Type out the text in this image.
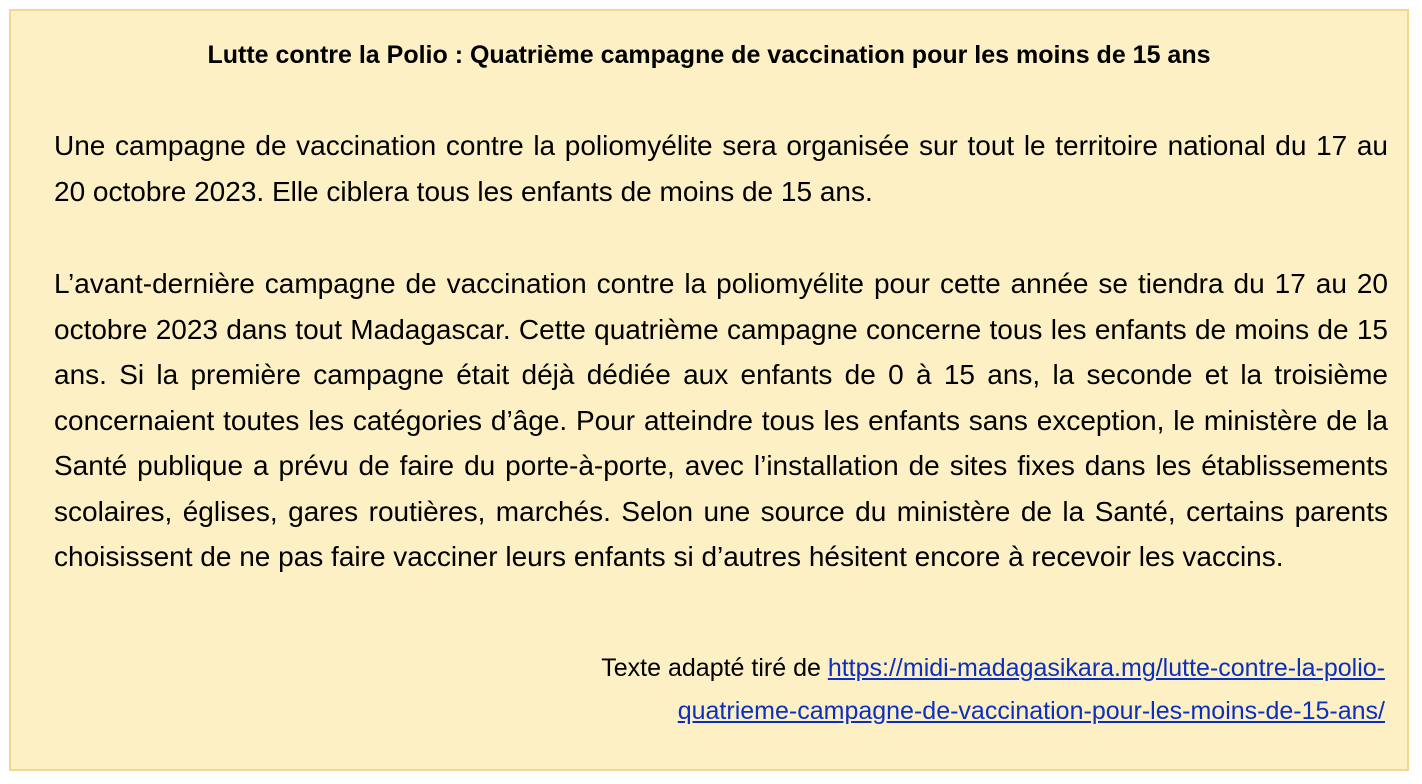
Lutte contre la Polio : Quatrième campagne de vaccination pour les moins de 15 ans

Une campagne de vaccination contre la poliomyélite sera organisée sur tout le territoire national du 17 au 20 octobre 2023. Elle ciblera tous les enfants de moins de 15 ans.

L’avant-dernière campagne de vaccination contre la poliomyélite pour cette année se tiendra du 17 au 20 octobre 2023 dans tout Madagascar. Cette quatrième campagne concerne tous les enfants de moins de 15 ans. Si la première campagne était déjà dédiée aux enfants de 0 à 15 ans, la seconde et la troisième concernaient toutes les catégories d’âge. Pour atteindre tous les enfants sans exception, le ministère de la Santé publique a prévu de faire du porte-à-porte, avec l’installation de sites fixes dans les établissements scolaires, églises, gares routières, marchés. Selon une source du ministère de la Santé, certains parents choisissent de ne pas faire vacciner leurs enfants si d’autres hésitent encore à recevoir les vaccins.

Texte adapté tiré de https://midi-madagasikara.mg/lutte-contre-la-polio-
quatrieme-campagne-de-vaccination-pour-les-moins-de-15-ans/
